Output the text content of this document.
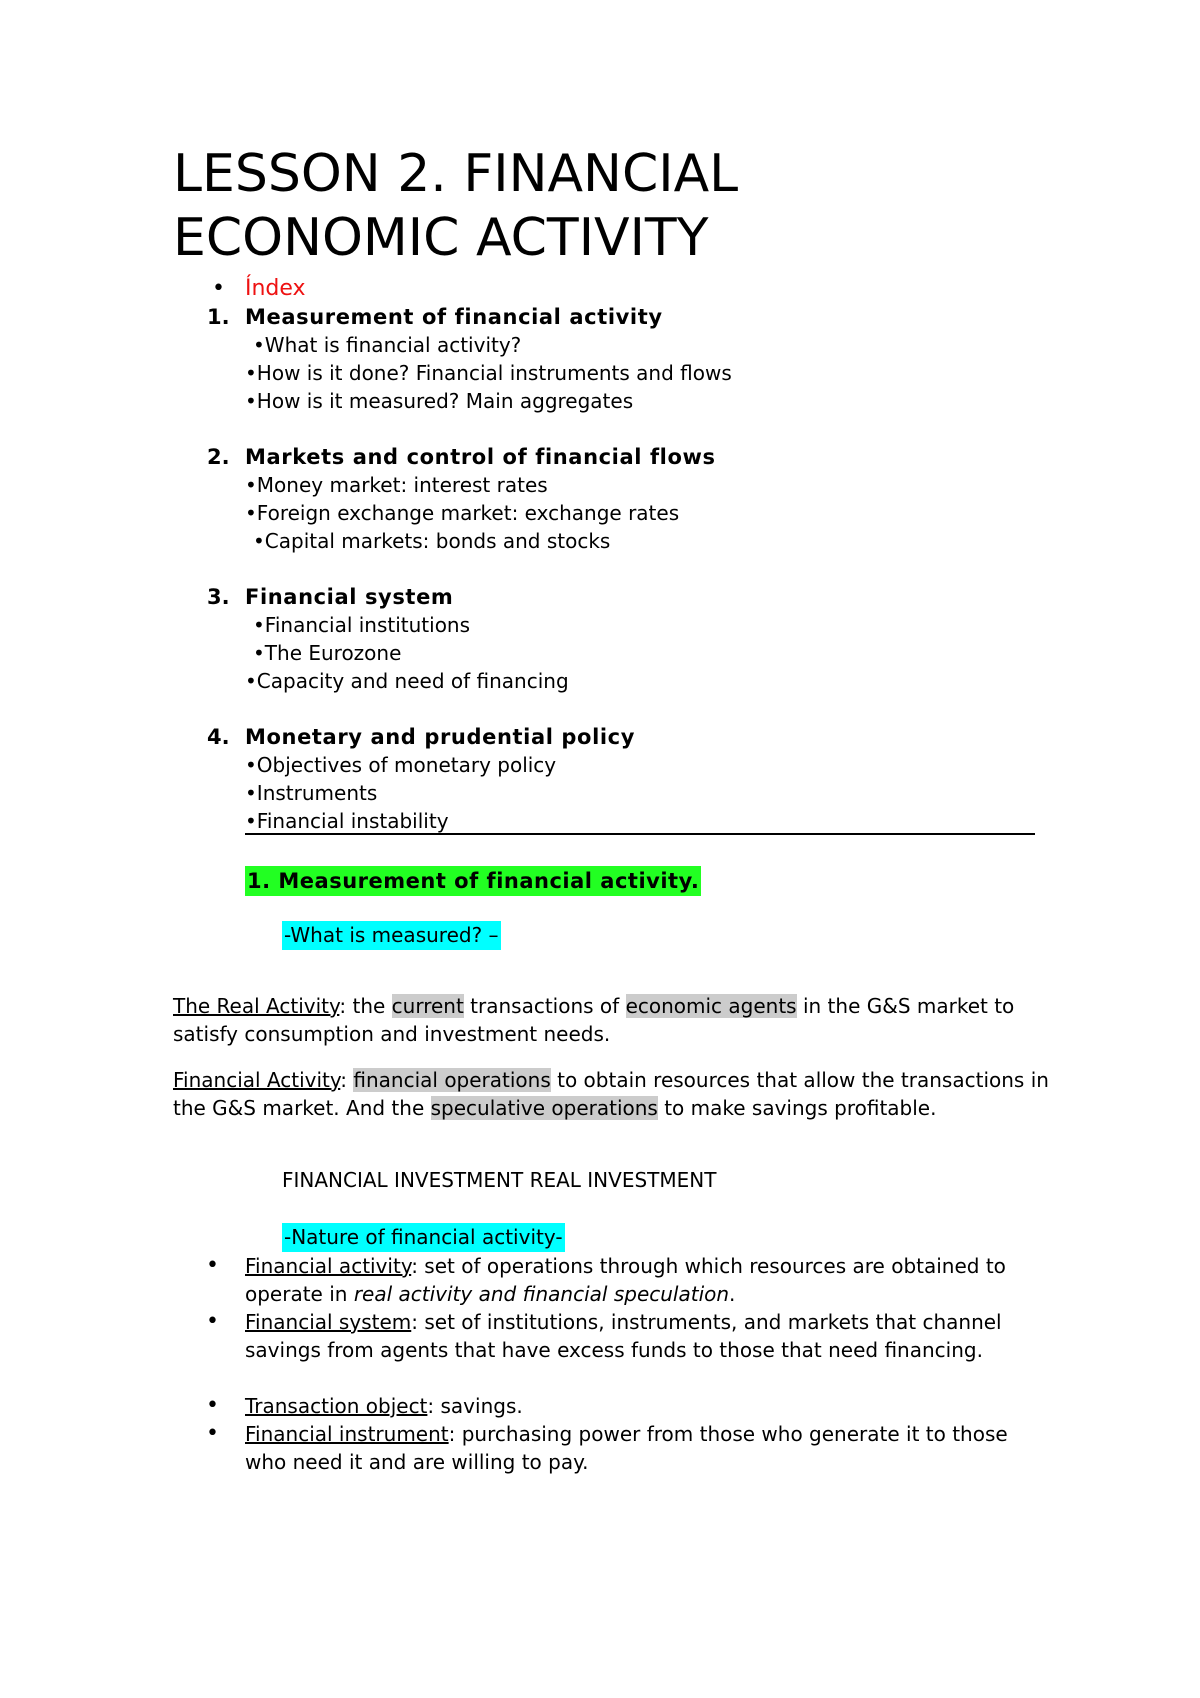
LESSON 2. FINANCIAL
ECONOMIC ACTIVITY
• Índex
1. Measurement of financial activity
•What is financial activity?
•How is it done? Financial instruments and flows
•How is it measured? Main aggregates
2. Markets and control of financial flows
•Money market: interest rates
•Foreign exchange market: exchange rates
•Capital markets: bonds and stocks
3. Financial system
•Financial institutions
•The Eurozone
•Capacity and need of financing
4. Monetary and prudential policy
•Objectives of monetary policy
•Instruments
•Financial instability
1. Measurement of financial activity.
-What is measured? –

The Real Activity: the current transactions of economic agents in the G&S market to satisfy consumption and investment needs.

Financial Activity: financial operations to obtain resources that allow the transactions in the G&S market. And the speculative operations to make savings profitable.

FINANCIAL INVESTMENT REAL INVESTMENT
-Nature of financial activity-
• Financial activity: set of operations through which resources are obtained to operate in real activity and financial speculation.
• Financial system: set of institutions, instruments, and markets that channel savings from agents that have excess funds to those that need financing.
• Transaction object: savings.
• Financial instrument: purchasing power from those who generate it to those who need it and are willing to pay.
